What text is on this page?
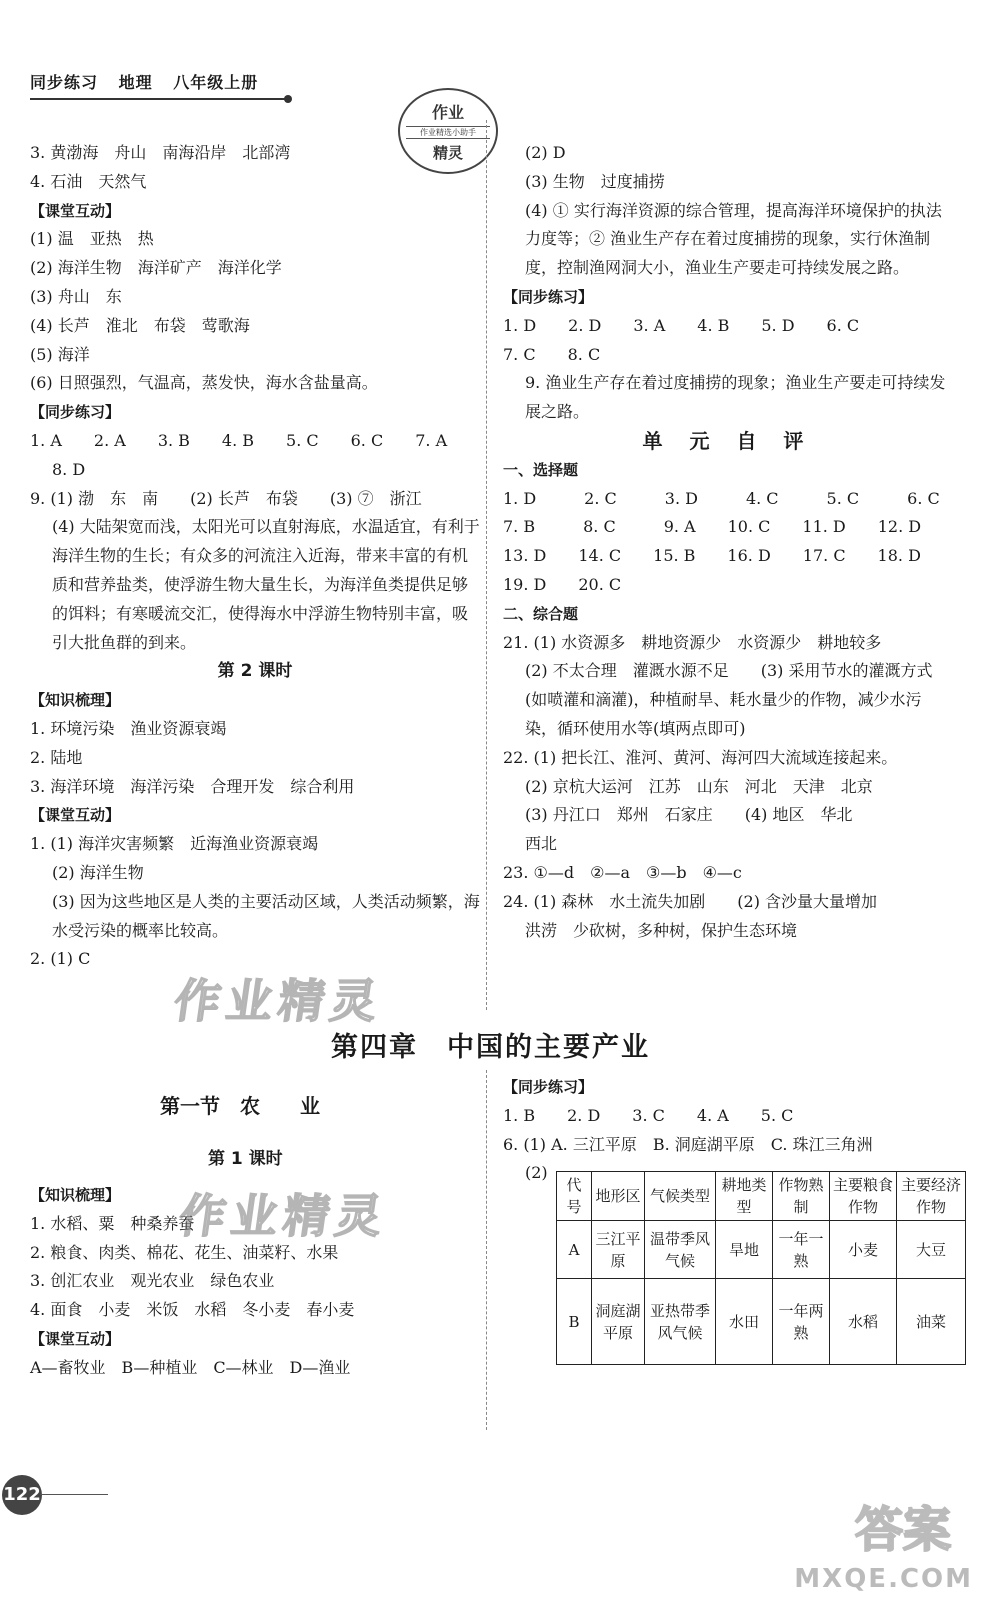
同步练习 地理 八年级上册
作业
作业精选小助手
精灵
3. 黄渤海　舟山　南海沿岸　北部湾
4. 石油　天然气
【课堂互动】
(1) 温　亚热　热
(2) 海洋生物　海洋矿产　海洋化学
(3) 舟山　东
(4) 长芦　淮北　布袋　莺歌海
(5) 海洋
(6) 日照强烈，气温高，蒸发快，海水含盐量高。
【同步练习】
1. A　　2. A　　3. B　　4. B　　5. C　　6. C　　7. A
8. D
9. (1) 渤　东　南　　(2) 长芦　布袋　　(3) ⑦　浙江
(4) 大陆架宽而浅，太阳光可以直射海底，水温适宜，有利于海洋生物的生长；有众多的河流注入近海，带来丰富的有机质和营养盐类，使浮游生物大量生长，为海洋鱼类提供足够的饵料；有寒暖流交汇，使得海水中浮游生物特别丰富，吸引大批鱼群的到来。
第 2 课时
【知识梳理】
1. 环境污染　渔业资源衰竭
2. 陆地
3. 海洋环境　海洋污染　合理开发　综合利用
【课堂互动】
1. (1) 海洋灾害频繁　近海渔业资源衰竭
(2) 海洋生物
(3) 因为这些地区是人类的主要活动区域，人类活动频繁，海水受污染的概率比较高。
2. (1) C
(2) D
(3) 生物　过度捕捞
(4) ① 实行海洋资源的综合管理，提高海洋环境保护的执法力度等；② 渔业生产存在着过度捕捞的现象，实行休渔制度，控制渔网洞大小，渔业生产要走可持续发展之路。
【同步练习】
1. D　　2. D　　3. A　　4. B　　5. D　　6. C
7. C　　8. C
9. 渔业生产存在着过度捕捞的现象；渔业生产要走可持续发展之路。
单 元 自 评
一、选择题
1. D　　　2. C　　　3. D　　　4. C　　　5. C　　　6. C
7. B　　　8. C　　　9. A　　10. C　　11. D　　12. D
13. D　　14. C　　15. B　　16. D　　17. C　　18. D
19. D　　20. C
二、综合题
21. (1) 水资源多　耕地资源少　水资源少　耕地较多
(2) 不太合理　灌溉水源不足　　(3) 采用节水的灌溉方式(如喷灌和滴灌)，种植耐旱、耗水量少的作物，减少水污染，循环使用水等(填两点即可)
22. (1) 把长江、淮河、黄河、海河四大流域连接起来。
(2) 京杭大运河　江苏　山东　河北　天津　北京
(3) 丹江口　郑州　石家庄　　(4) 地区　华北
西北
23. ①—d　②—a　③—b　④—c
24. (1) 森林　水土流失加剧　　(2) 含沙量大量增加
洪涝　少砍树，多种树，保护生态环境
第四章　中国的主要产业
第一节　农　　业
第 1 课时
【知识梳理】
1. 水稻、粟　种桑养蚕
2. 粮食、肉类、棉花、花生、油菜籽、水果
3. 创汇农业　观光农业　绿色农业
4. 面食　小麦　米饭　水稻　冬小麦　春小麦
【课堂互动】
A—畜牧业　B—种植业　C—林业　D—渔业
【同步练习】
1. B　　2. D　　3. C　　4. A　　5. C
6. (1) A. 三江平原　B. 洞庭湖平原　C. 珠江三角洲
(2)
代号	地形区	气候类型	耕地类型	作物熟制	主要粮食作物	主要经济作物
A	三江平原	温带季风气候	旱地	一年一熟	小麦	大豆
B	洞庭湖平原	亚热带季风气候	水田	一年两熟	水稻	油菜
作业精灵
作业精灵
122
答案
MXQE.COM
